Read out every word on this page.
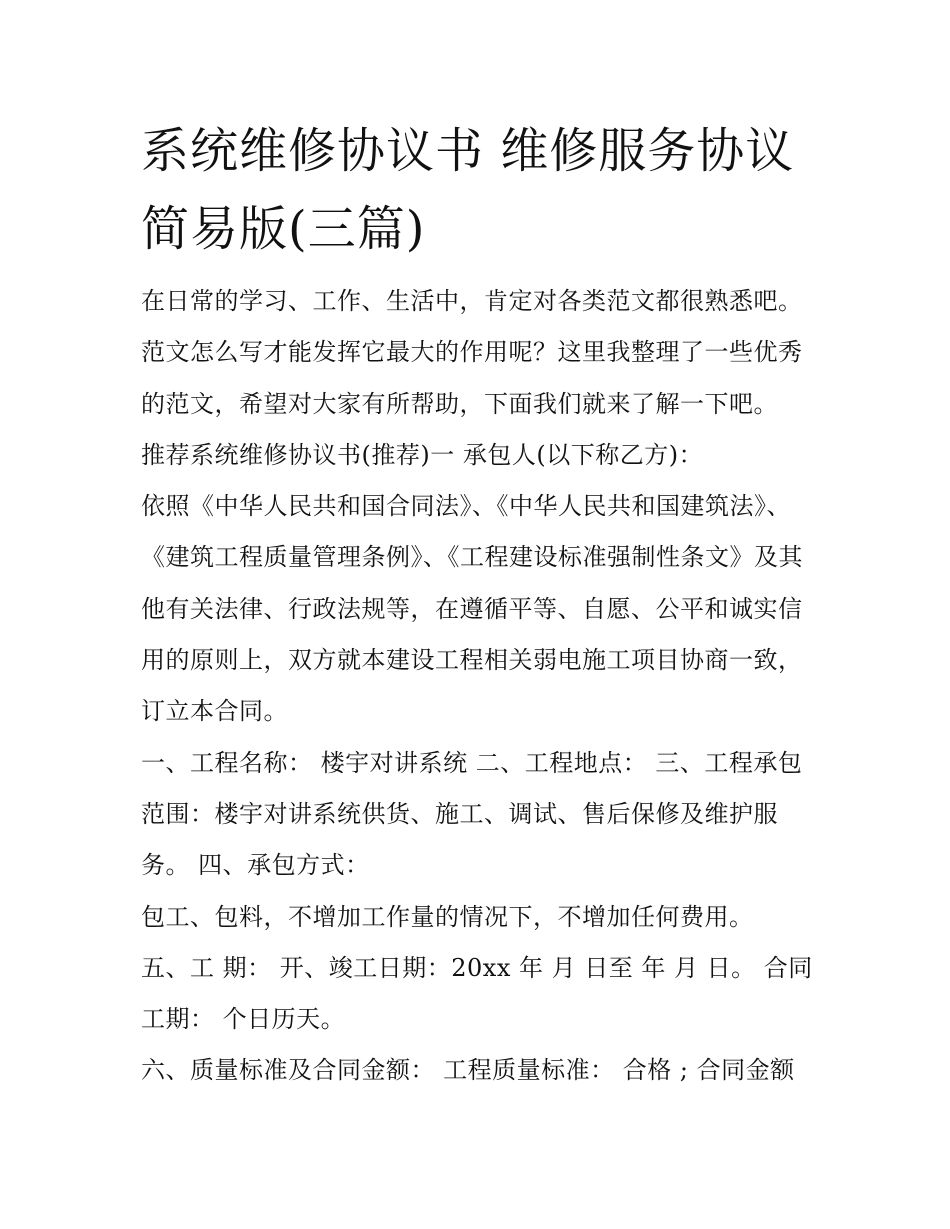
系统维修协议书 维修服务协议简易版(三篇)

在日常的学习、工作、生活中，肯定对各类范文都很熟悉吧。范文怎么写才能发挥它最大的作用呢？这里我整理了一些优秀的范文，希望对大家有所帮助，下面我们就来了解一下吧。

推荐系统维修协议书(推荐)一 承包人(以下称乙方)：

依照《中华人民共和国合同法》、《中华人民共和国建筑法》、《建筑工程质量管理条例》、《工程建设标准强制性条文》及其他有关法律、行政法规等，在遵循平等、自愿、公平和诚实信用的原则上，双方就本建设工程相关弱电施工项目协商一致，订立本合同。

一、工程名称： 楼宇对讲系统 二、工程地点： 三、工程承包范围：楼宇对讲系统供货、施工、调试、售后保修及维护服务。 四、承包方式：

包工、包料，不增加工作量的情况下，不增加任何费用。

五、工 期： 开、竣工日期：20xx 年 月 日至 年 月 日。 合同工期： 个日历天。

六、质量标准及合同金额： 工程质量标准： 合格 ; 合同金额
